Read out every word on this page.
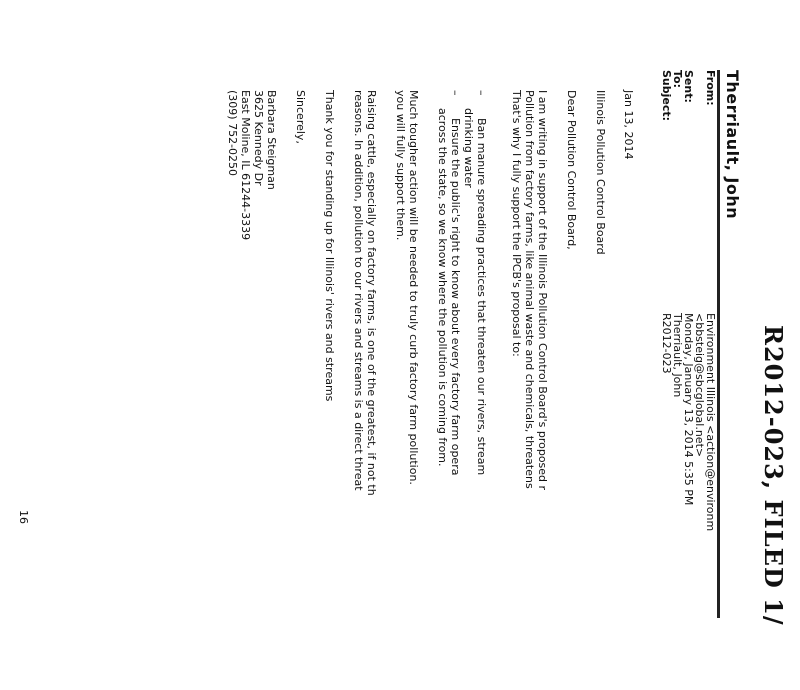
R2012-023, FILED 1/
Therriault, John
From:
Environment Illinois <action@environm
<bbsteig@sbcglobal.net>
Sent:
Monday, January 13, 2014 5:35 PM
To:
Therriault, John
Subject:
R2012-023

Jan 13, 2014

Illinois Pollution Control Board

Dear Pollution Control Board,

I am writing in support of the Illinois Pollution Control Board's proposed r

Pollution from factory farms, like animal waste and chemicals, threatens

That's why I fully support the IPCB's proposal to:

–

Ban manure spreading practices that threaten our rivers, stream

drinking water

–

Ensure the public's right to know about every factory farm opera

across the state, so we know where the pollution is coming from.

Much tougher action will be needed to truly curb factory farm pollution.

you will fully support them.

Raising cattle, especially on factory farms, is one of the greatest, if not th

reasons. In addition, pollution to our rivers and streams is a direct threat

Thank you for standing up for Illinois' rivers and streams

Sincerely,

Barbara Steigman

3625 Kennedy Dr

East Moline, IL 61244-3339

(309) 752-0250

16
